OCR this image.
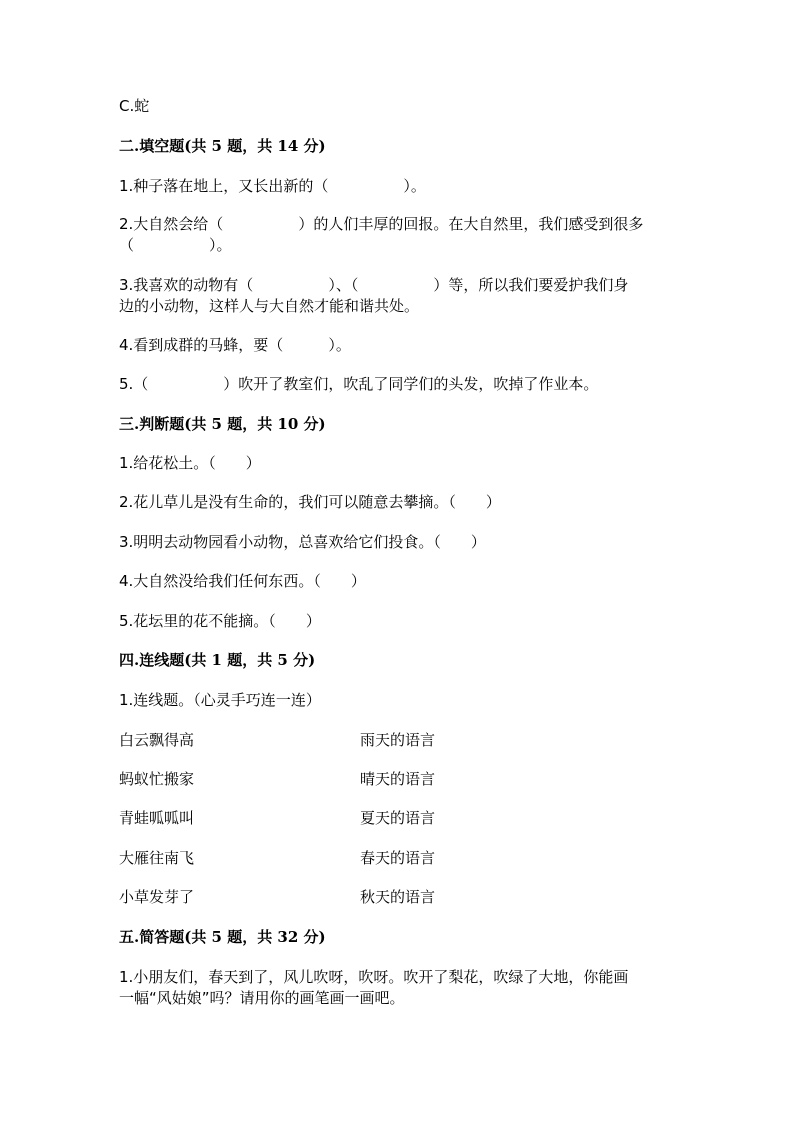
C.蛇
二.填空题(共 5 题，共 14 分)
1.种子落在地上，又长出新的（　　　　　）。
2.大自然会给（　　　　　）的人们丰厚的回报。在大自然里，我们感受到很多
（　　　　　）。
3.我喜欢的动物有（　　　　　）、（　　　　　）等，所以我们要爱护我们身
边的小动物，这样人与大自然才能和谐共处。
4.看到成群的马蜂，要（　　　）。
5.（　　　　　）吹开了教室们，吹乱了同学们的头发，吹掉了作业本。
三.判断题(共 5 题，共 10 分)
1.给花松土。（　　）
2.花儿草儿是没有生命的，我们可以随意去攀摘。（　　）
3.明明去动物园看小动物，总喜欢给它们投食。（　　）
4.大自然没给我们任何东西。（　　）
5.花坛里的花不能摘。（　　）
四.连线题(共 1 题，共 5 分)
1.连线题。（心灵手巧连一连）
白云飘得高	雨天的语言
蚂蚁忙搬家	晴天的语言
青蛙呱呱叫	夏天的语言
大雁往南飞	春天的语言
小草发芽了	秋天的语言
五.简答题(共 5 题，共 32 分)
1.小朋友们，春天到了，风儿吹呀，吹呀。吹开了梨花，吹绿了大地，你能画
一幅“风姑娘”吗？请用你的画笔画一画吧。
